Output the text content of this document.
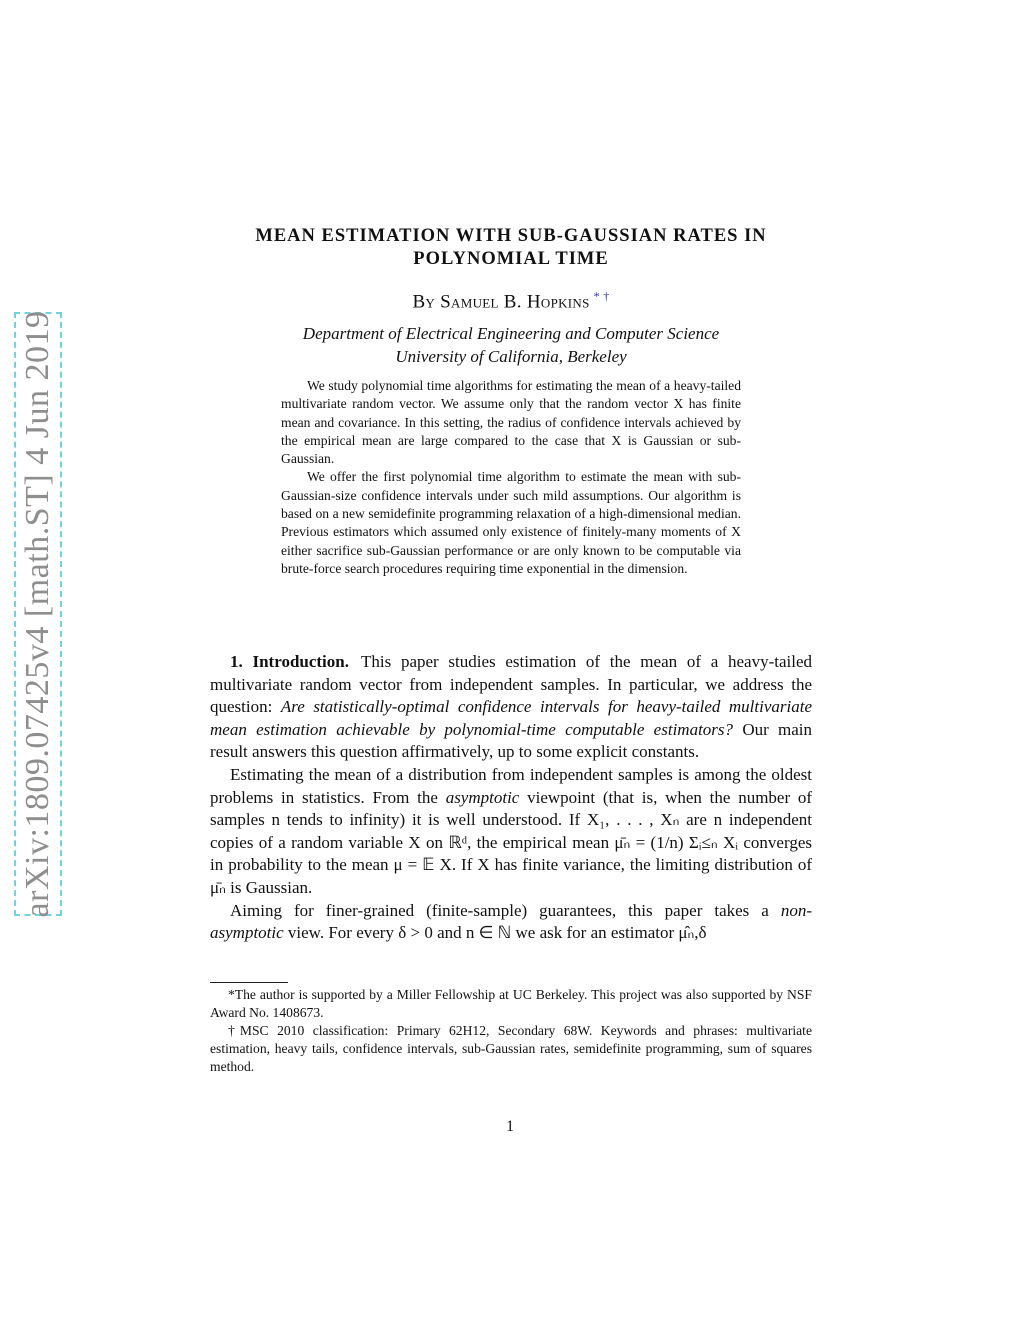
arXiv:1809.07425v4 [math.ST] 4 Jun 2019
MEAN ESTIMATION WITH SUB-GAUSSIAN RATES IN
POLYNOMIAL TIME
By Samuel B. Hopkins * †
Department of Electrical Engineering and Computer Science
University of California, Berkeley

We study polynomial time algorithms for estimating the mean of a heavy-tailed multivariate random vector. We assume only that the random vector X has finite mean and covariance. In this setting, the radius of confidence intervals achieved by the empirical mean are large compared to the case that X is Gaussian or sub-Gaussian.

We offer the first polynomial time algorithm to estimate the mean with sub-Gaussian-size confidence intervals under such mild assumptions. Our algorithm is based on a new semidefinite programming relaxation of a high-dimensional median. Previous estimators which assumed only existence of finitely-many moments of X either sacrifice sub-Gaussian performance or are only known to be computable via brute-force search procedures requiring time exponential in the dimension.

1. Introduction. This paper studies estimation of the mean of a heavy-tailed multivariate random vector from independent samples. In particular, we address the question: Are statistically-optimal confidence intervals for heavy-tailed multivariate mean estimation achievable by polynomial-time computable estimators? Our main result answers this question affirmatively, up to some explicit constants.

Estimating the mean of a distribution from independent samples is among the oldest problems in statistics. From the asymptotic viewpoint (that is, when the number of samples n tends to infinity) it is well understood. If X₁, . . . , Xₙ are n independent copies of a random variable X on ℝᵈ, the empirical mean μ̄ₙ = (1/n) Σᵢ≤ₙ Xᵢ converges in probability to the mean μ = 𝔼 X. If X has finite variance, the limiting distribution of μ̄ₙ is Gaussian.

Aiming for finer-grained (finite-sample) guarantees, this paper takes a non-asymptotic view. For every δ > 0 and n ∈ ℕ we ask for an estimator μ̂ₙ,δ

*The author is supported by a Miller Fellowship at UC Berkeley. This project was also supported by NSF Award No. 1408673.

†MSC 2010 classification: Primary 62H12, Secondary 68W. Keywords and phrases: multivariate estimation, heavy tails, confidence intervals, sub-Gaussian rates, semidefinite programming, sum of squares method.

1
